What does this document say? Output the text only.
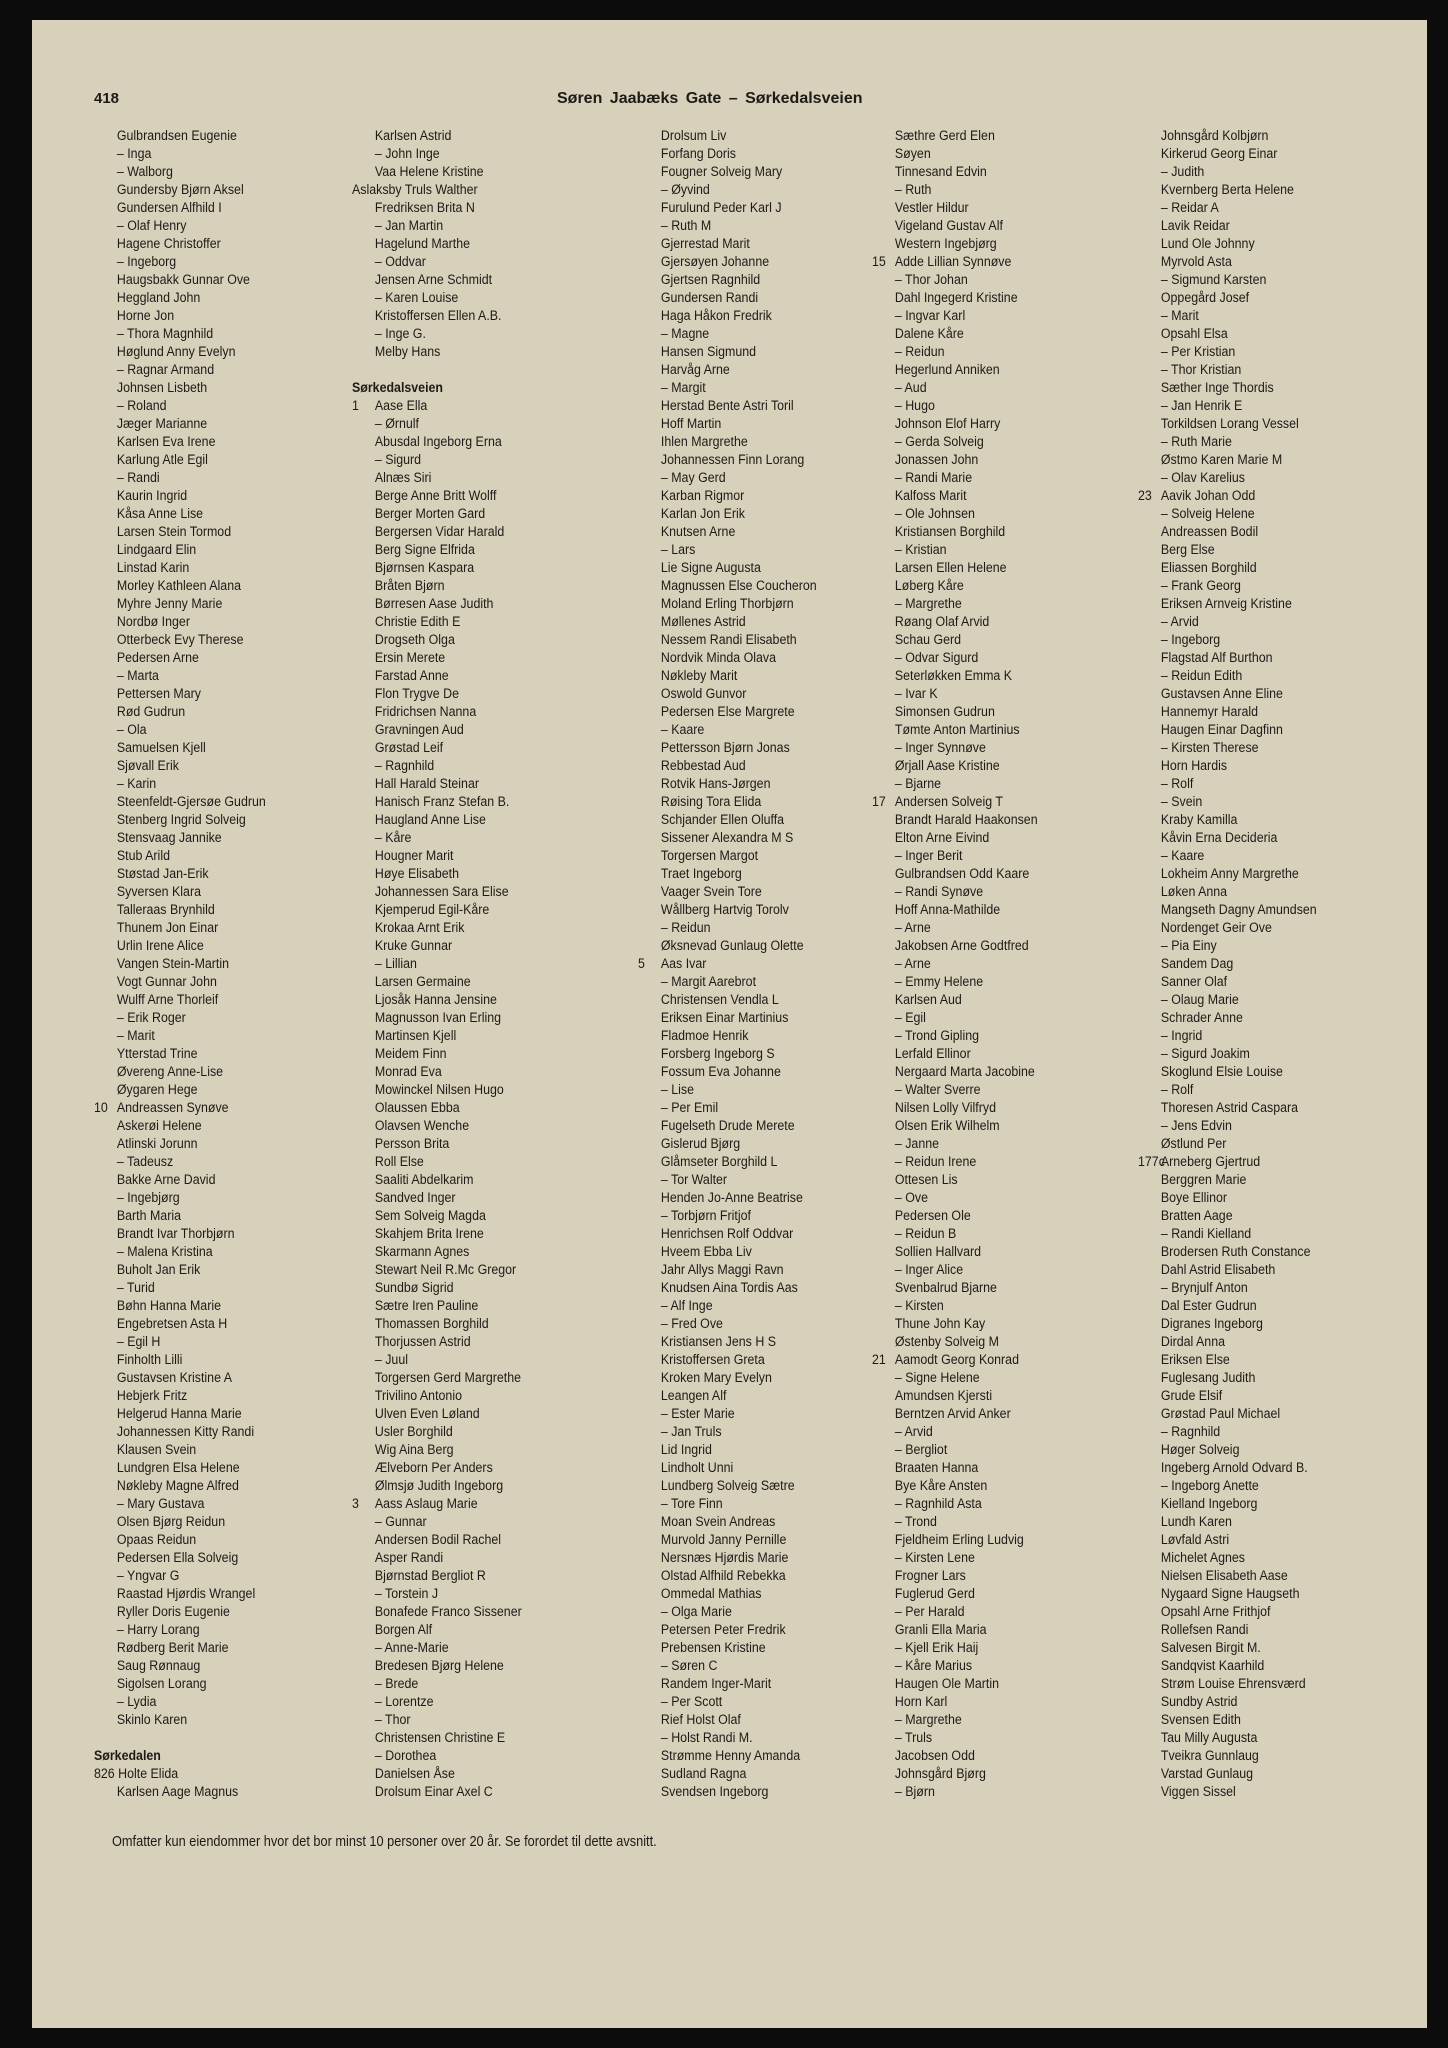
418	Søren Jaabæks Gate – Sørkedalsveien
Gulbrandsen Eugenie
– Inga
– Walborg
Gundersby Bjørn Aksel
Gundersen Alfhild I
– Olaf Henry
Hagene Christoffer
– Ingeborg
Haugsbakk Gunnar Ove
Heggland John
Horne Jon
– Thora Magnhild
Høglund Anny Evelyn
– Ragnar Armand
Johnsen Lisbeth
– Roland
Jæger Marianne
Karlsen Eva Irene
Karlung Atle Egil
– Randi
Kaurin Ingrid
Kåsa Anne Lise
Larsen Stein Tormod
Lindgaard Elin
Linstad Karin
Morley Kathleen Alana
Myhre Jenny Marie
Nordbø Inger
Otterbeck Evy Therese
Pedersen Arne
– Marta
Pettersen Mary
Rød Gudrun
– Ola
Samuelsen Kjell
Sjøvall Erik
– Karin
Steenfeldt-Gjersøe Gudrun
Stenberg Ingrid Solveig
Stensvaag Jannike
Stub Arild
Støstad Jan-Erik
Syversen Klara
Talleraas Brynhild
Thunem Jon Einar
Urlin Irene Alice
Vangen Stein-Martin
Vogt Gunnar John
Wulff Arne Thorleif
– Erik Roger
– Marit
Ytterstad Trine
Øvereng Anne-Lise
Øygaren Hege
10 Andreassen Synøve
Askerøi Helene
Atlinski Jorunn
– Tadeusz
Bakke Arne David
– Ingebjørg
Barth Maria
Brandt Ivar Thorbjørn
– Malena Kristina
Buholt Jan Erik
– Turid
Bøhn Hanna Marie
Engebretsen Asta H
– Egil H
Finholth Lilli
Gustavsen Kristine A
Hebjerk Fritz
Helgerud Hanna Marie
Johannessen Kitty Randi
Klausen Svein
Lundgren Elsa Helene
Nøkleby Magne Alfred
– Mary Gustava
Olsen Bjørg Reidun
Opaas Reidun
Pedersen Ella Solveig
– Yngvar G
Raastad Hjørdis Wrangel
Ryller Doris Eugenie
– Harry Lorang
Rødberg Berit Marie
Saug Rønnaug
Sigolsen Lorang
– Lydia
Skinlo Karen
Sørkedalen
826 Holte Elida
Karlsen Aage Magnus
Karlsen Astrid
– John Inge
Vaa Helene Kristine
Aslaksby Truls Walther
Fredriksen Brita N
– Jan Martin
Hagelund Marthe
– Oddvar
Jensen Arne Schmidt
– Karen Louise
Kristoffersen Ellen A.B.
– Inge G.
Melby Hans
Sørkedalsveien
1 Aase Ella
– Ørnulf
Abusdal Ingeborg Erna
– Sigurd
Alnæs Siri
Berge Anne Britt Wolff
Berger Morten Gard
Bergersen Vidar Harald
Berg Signe Elfrida
Bjørnsen Kaspara
Bråten Bjørn
Børresen Aase Judith
Christie Edith E
Drogseth Olga
Ersin Merete
Farstad Anne
Flon Trygve De
Fridrichsen Nanna
Gravningen Aud
Grøstad Leif
– Ragnhild
Hall Harald Steinar
Hanisch Franz Stefan B.
Haugland Anne Lise
– Kåre
Hougner Marit
Høye Elisabeth
Johannessen Sara Elise
Kjemperud Egil-Kåre
Krokaa Arnt Erik
Kruke Gunnar
– Lillian
Larsen Germaine
Ljosåk Hanna Jensine
Magnusson Ivan Erling
Martinsen Kjell
Meidem Finn
Monrad Eva
Mowinckel Nilsen Hugo
Olaussen Ebba
Olavsen Wenche
Persson Brita
Roll Else
Saaliti Abdelkarim
Sandved Inger
Sem Solveig Magda
Skahjem Brita Irene
Skarmann Agnes
Stewart Neil R.Mc Gregor
Sundbø Sigrid
Sætre Iren Pauline
Thomassen Borghild
Thorjussen Astrid
– Juul
Torgersen Gerd Margrethe
Trivilino Antonio
Ulven Even Løland
Usler Borghild
Wig Aina Berg
Ælveborn Per Anders
Ølmsjø Judith Ingeborg
3 Aass Aslaug Marie
– Gunnar
Andersen Bodil Rachel
Asper Randi
Bjørnstad Bergliot R
– Torstein J
Bonafede Franco Sissener
Borgen Alf
– Anne-Marie
Bredesen Bjørg Helene
– Brede
– Lorentze
– Thor
Christensen Christine E
– Dorothea
Danielsen Åse
Drolsum Einar Axel C
Drolsum Liv
Forfang Doris
Fougner Solveig Mary
– Øyvind
Furulund Peder Karl J
– Ruth M
Gjerrestad Marit
Gjersøyen Johanne
Gjertsen Ragnhild
Gundersen Randi
Haga Håkon Fredrik
– Magne
Hansen Sigmund
Harvåg Arne
– Margit
Herstad Bente Astri Toril
Hoff Martin
Ihlen Margrethe
Johannessen Finn Lorang
– May Gerd
Karban Rigmor
Karlan Jon Erik
Knutsen Arne
– Lars
Lie Signe Augusta
Magnussen Else Coucheron
Moland Erling Thorbjørn
Møllenes Astrid
Nessem Randi Elisabeth
Nordvik Minda Olava
Nøkleby Marit
Oswold Gunvor
Pedersen Else Margrete
– Kaare
Pettersson Bjørn Jonas
Rebbestad Aud
Rotvik Hans-Jørgen
Røising Tora Elida
Schjander Ellen Oluffa
Sissener Alexandra M S
Torgersen Margot
Traet Ingeborg
Vaager Svein Tore
Wållberg Hartvig Torolv
– Reidun
Øksnevad Gunlaug Olette
5 Aas Ivar
– Margit Aarebrot
Christensen Vendla L
Eriksen Einar Martinius
Fladmoe Henrik
Forsberg Ingeborg S
Fossum Eva Johanne
– Lise
– Per Emil
Fugelseth Drude Merete
Gislerud Bjørg
Glåmseter Borghild L
– Tor Walter
Henden Jo-Anne Beatrise
– Torbjørn Fritjof
Henrichsen Rolf Oddvar
Hveem Ebba Liv
Jahr Allys Maggi Ravn
Knudsen Aina Tordis Aas
– Alf Inge
– Fred Ove
Kristiansen Jens H S
Kristoffersen Greta
Kroken Mary Evelyn
Leangen Alf
– Ester Marie
– Jan Truls
Lid Ingrid
Lindholt Unni
Lundberg Solveig Sætre
– Tore Finn
Moan Svein Andreas
Murvold Janny Pernille
Nersnæs Hjørdis Marie
Olstad Alfhild Rebekka
Ommedal Mathias
– Olga Marie
Petersen Peter Fredrik
Prebensen Kristine
– Søren C
Randem Inger-Marit
– Per Scott
Rief Holst Olaf
– Holst Randi M.
Strømme Henny Amanda
Sudland Ragna
Svendsen Ingeborg
Sæthre Gerd Elen
Søyen
Tinnesand Edvin
– Ruth
Vestler Hildur
Vigeland Gustav Alf
Western Ingebjørg
15 Adde Lillian Synnøve
– Thor Johan
Dahl Ingegerd Kristine
– Ingvar Karl
Dalene Kåre
– Reidun
Hegerlund Anniken
– Aud
– Hugo
Johnson Elof Harry
– Gerda Solveig
Jonassen John
– Randi Marie
Kalfoss Marit
– Ole Johnsen
Kristiansen Borghild
– Kristian
Larsen Ellen Helene
Løberg Kåre
– Margrethe
Røang Olaf Arvid
Schau Gerd
– Odvar Sigurd
Seterløkken Emma K
– Ivar K
Simonsen Gudrun
Tømte Anton Martinius
– Inger Synnøve
Ørjall Aase Kristine
– Bjarne
17 Andersen Solveig T
Brandt Harald Haakonsen
Elton Arne Eivind
– Inger Berit
Gulbrandsen Odd Kaare
– Randi Synøve
Hoff Anna-Mathilde
– Arne
Jakobsen Arne Godtfred
– Arne
– Emmy Helene
Karlsen Aud
– Egil
– Trond Gipling
Lerfald Ellinor
Nergaard Marta Jacobine
– Walter Sverre
Nilsen Lolly Vilfryd
Olsen Erik Wilhelm
– Janne
– Reidun Irene
Ottesen Lis
– Ove
Pedersen Ole
– Reidun B
Sollien Hallvard
– Inger Alice
Svenbalrud Bjarne
– Kirsten
Thune John Kay
Østenby Solveig M
21 Aamodt Georg Konrad
– Signe Helene
Amundsen Kjersti
Berntzen Arvid Anker
– Arvid
– Bergliot
Braaten Hanna
Bye Kåre Ansten
– Ragnhild Asta
– Trond
Fjeldheim Erling Ludvig
– Kirsten Lene
Frogner Lars
Fuglerud Gerd
– Per Harald
Granli Ella Maria
– Kjell Erik Haij
– Kåre Marius
Haugen Ole Martin
Horn Karl
– Margrethe
– Truls
Jacobsen Odd
Johnsgård Bjørg
– Bjørn
Johnsgård Kolbjørn
Kirkerud Georg Einar
– Judith
Kvernberg Berta Helene
– Reidar A
Lavik Reidar
Lund Ole Johnny
Myrvold Asta
– Sigmund Karsten
Oppegård Josef
– Marit
Opsahl Elsa
– Per Kristian
– Thor Kristian
Sæther Inge Thordis
– Jan Henrik E
Torkildsen Lorang Vessel
– Ruth Marie
Østmo Karen Marie M
– Olav Karelius
23 Aavik Johan Odd
– Solveig Helene
Andreassen Bodil
Berg Else
Eliassen Borghild
– Frank Georg
Eriksen Arnveig Kristine
– Arvid
– Ingeborg
Flagstad Alf Burthon
– Reidun Edith
Gustavsen Anne Eline
Hannemyr Harald
Haugen Einar Dagfinn
– Kirsten Therese
Horn Hardis
– Rolf
– Svein
Kraby Kamilla
Kåvin Erna Decideria
– Kaare
Lokheim Anny Margrethe
Løken Anna
Mangseth Dagny Amundsen
Nordenget Geir Ove
– Pia Einy
Sandem Dag
Sanner Olaf
– Olaug Marie
Schrader Anne
– Ingrid
– Sigurd Joakim
Skoglund Elsie Louise
– Rolf
Thoresen Astrid Caspara
– Jens Edvin
Østlund Per
177c
Arneberg Gjertrud
Berggren Marie
Boye Ellinor
Bratten Aage
– Randi Kielland
Brodersen Ruth Constance
Dahl Astrid Elisabeth
– Brynjulf Anton
Dal Ester Gudrun
Digranes Ingeborg
Dirdal Anna
Eriksen Else
Fuglesang Judith
Grude Elsif
Grøstad Paul Michael
– Ragnhild
Høger Solveig
Ingeberg Arnold Odvard B.
– Ingeborg Anette
Kielland Ingeborg
Lundh Karen
Løvfald Astri
Michelet Agnes
Nielsen Elisabeth Aase
Nygaard Signe Haugseth
Opsahl Arne Frithjof
Rollefsen Randi
Salvesen Birgit M.
Sandqvist Kaarhild
Strøm Louise Ehrensværd
Sundby Astrid
Svensen Edith
Tau Milly Augusta
Tveikra Gunnlaug
Varstad Gunlaug
Viggen Sissel
Omfatter kun eiendommer hvor det bor minst 10 personer over 20 år. Se forordet til dette avsnitt.
